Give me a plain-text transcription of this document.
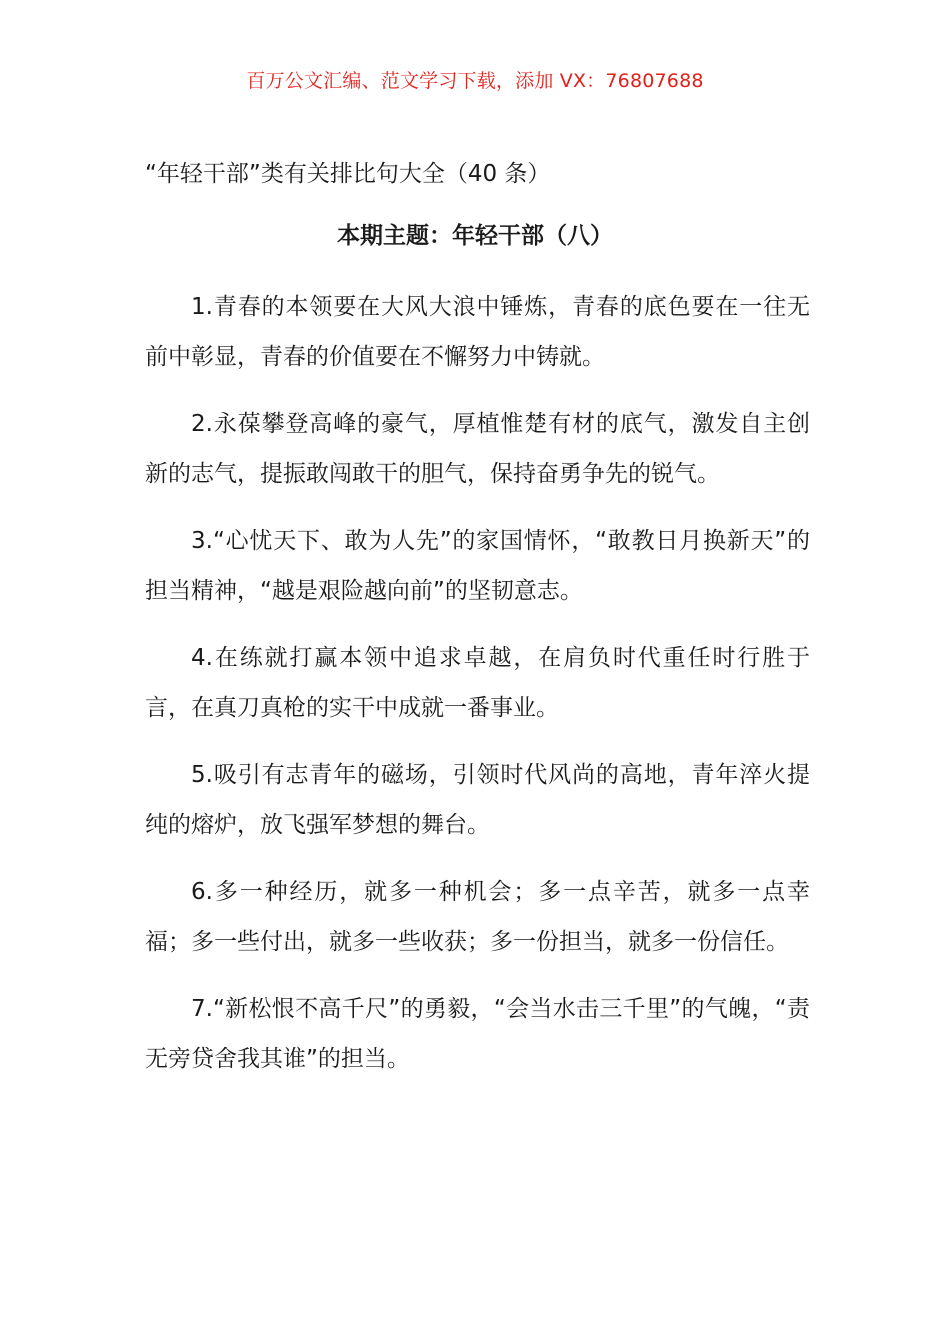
百万公文汇编、范文学习下载，添加 VX：76807688
“年轻干部”类有关排比句大全（40 条）
本期主题：年轻干部（八）

1.青春的本领要在大风大浪中锤炼，青春的底色要在一往无前中彰显，青春的价值要在不懈努力中铸就。

2.永葆攀登高峰的豪气，厚植惟楚有材的底气，激发自主创新的志气，提振敢闯敢干的胆气，保持奋勇争先的锐气。

3.“心忧天下、敢为人先”的家国情怀，“敢教日月换新天”的担当精神，“越是艰险越向前”的坚韧意志。

4.在练就打赢本领中追求卓越，在肩负时代重任时行胜于言，在真刀真枪的实干中成就一番事业。

5.吸引有志青年的磁场，引领时代风尚的高地，青年淬火提纯的熔炉，放飞强军梦想的舞台。

6.多一种经历，就多一种机会；多一点辛苦，就多一点幸福；多一些付出，就多一些收获；多一份担当，就多一份信任。

7.“新松恨不高千尺”的勇毅，“会当水击三千里”的气魄，“责无旁贷舍我其谁”的担当。
